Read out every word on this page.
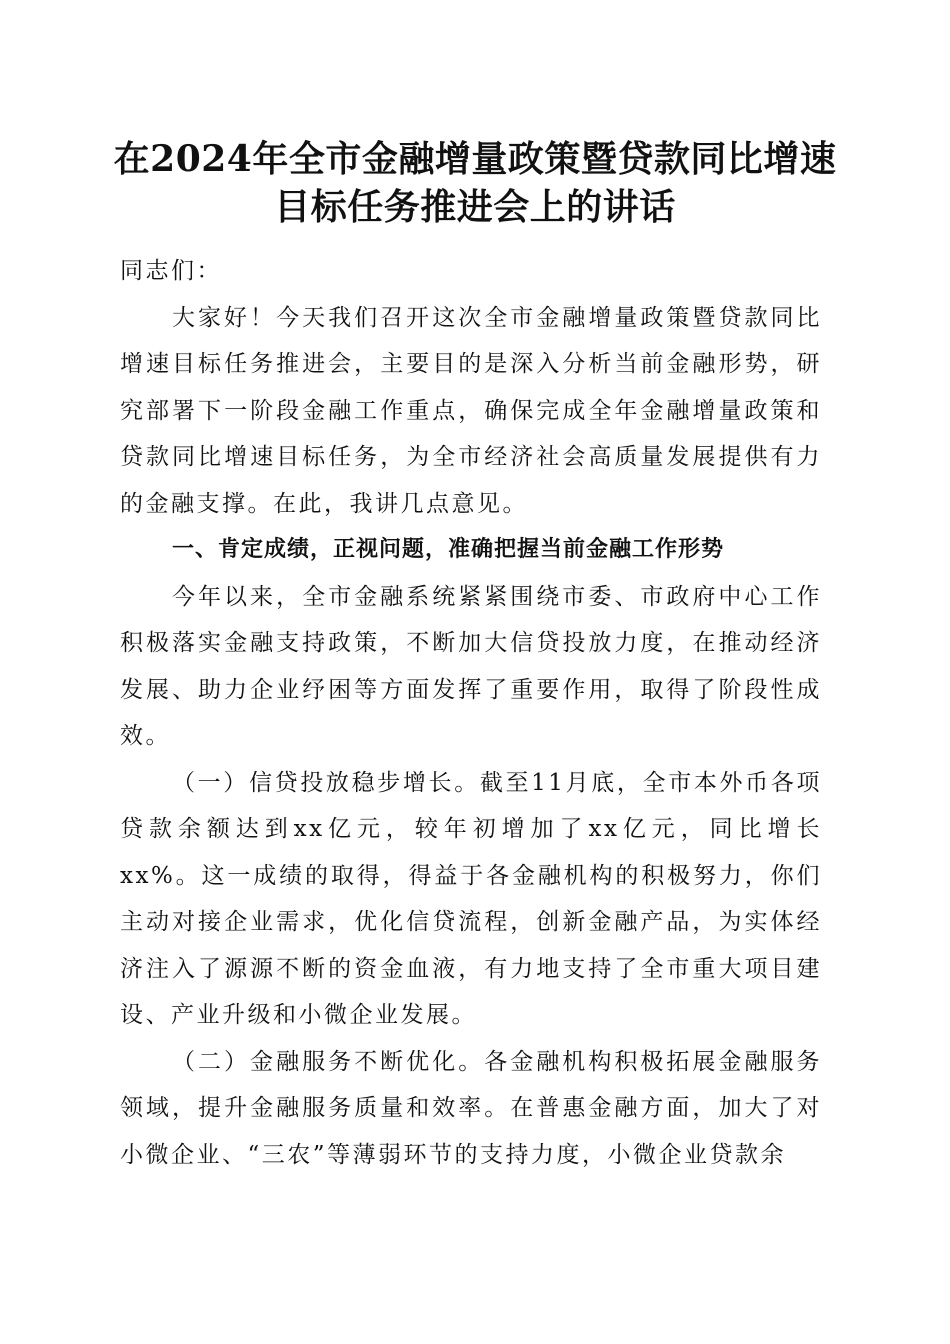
在2024年全市金融增量政策暨贷款同比增速
目标任务推进会上的讲话

同志们：

大家好！今天我们召开这次全市金融增量政策暨贷款同比增速目标任务推进会，主要目的是深入分析当前金融形势，研究部署下一阶段金融工作重点，确保完成全年金融增量政策和贷款同比增速目标任务，为全市经济社会高质量发展提供有力的金融支撑。在此，我讲几点意见。

一、肯定成绩，正视问题，准确把握当前金融工作形势

今年以来，全市金融系统紧紧围绕市委、市政府中心工作积极落实金融支持政策，不断加大信贷投放力度，在推动经济发展、助力企业纾困等方面发挥了重要作用，取得了阶段性成效。

（一）信贷投放稳步增长。截至11月底，全市本外币各项贷款余额达到xx亿元，较年初增加了xx亿元，同比增长xx%。这一成绩的取得，得益于各金融机构的积极努力，你们主动对接企业需求，优化信贷流程，创新金融产品，为实体经济注入了源源不断的资金血液，有力地支持了全市重大项目建设、产业升级和小微企业发展。

（二）金融服务不断优化。各金融机构积极拓展金融服务领域，提升金融服务质量和效率。在普惠金融方面，加大了对小微企业、“三农”等薄弱环节的支持力度，小微企业贷款余
